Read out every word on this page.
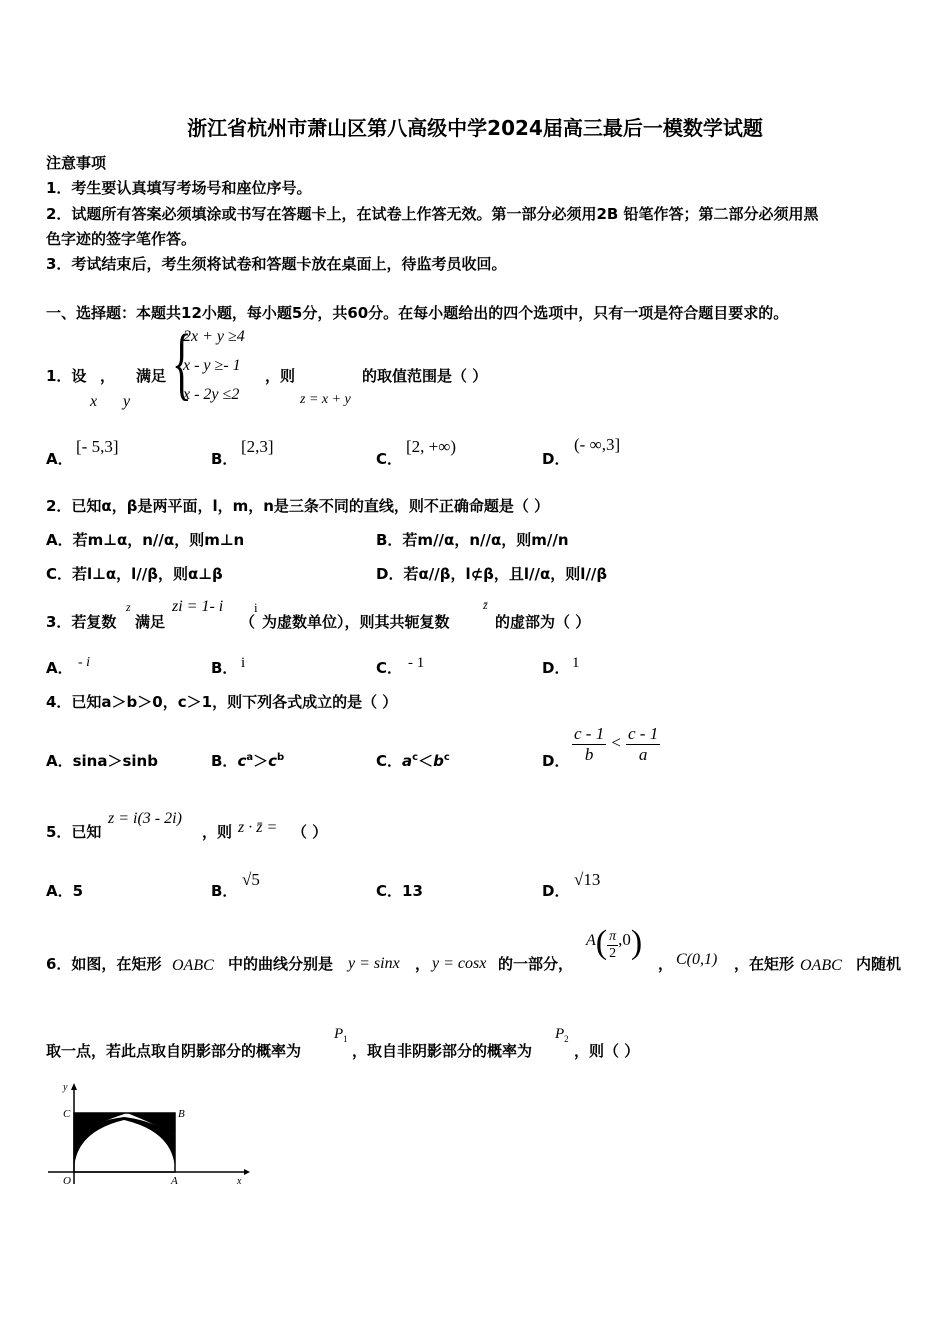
浙江省杭州市萧山区第八高级中学2024届高三最后一模数学试题
注意事项
1．考生要认真填写考场号和座位序号。
2．试题所有答案必须填涂或书写在答题卡上，在试卷上作答无效。第一部分必须用2B 铅笔作答；第二部分必须用黑
色字迹的签字笔作答。
3．考试结束后，考生须将试卷和答题卡放在桌面上，待监考员收回。
一、选择题：本题共12小题，每小题5分，共60分。在每小题给出的四个选项中，只有一项是符合题目要求的。
1．设 ， 满足
x y {
2x + y ≥4
x - y ≥- 1
x - 2y ≤2
，则
z = x + y
的取值范围是（ ）
A．
[- 5,3]
B．
[2,3]
C．
[2, +∞)
D．
(- ∞,3]
2．已知α，β是两平面，l，m，n是三条不同的直线，则不正确命题是（ ）
A．若m⊥α，n//α，则m⊥n	B．若m//α，n//α，则m//n
C．若l⊥α，l//β，则α⊥β	D．若α//β，l⊄β，且l//α，则l//β
3．若复数
z
满足
zi = 1- i
（
i
为虚数单位），则其共轭复数
z̄
的虚部为（ ）
A． - i	B． i	C． - 1	D． 1
4．已知a＞b＞0，c＞1，则下列各式成立的是（ ）
A．sina＞sinb	B．$c^a>c^b$	C．$a^c<b^c$	D． $\frac{c - 1}{b} < \frac{c - 1}{a}$
5．已知
z = i(3 - 2i)
，则 z · z̄ = （ ）
A．5	B．
√5
C．13	D．
√13
6．如图，在矩形 OABC 中的曲线分别是 y = sinx ， y = cosx 的一部分，
$A( \frac{\pi}{2} ,0)$
， C(0,1) ，在矩形 OABC 内随机
取一点，若此点取自阴影部分的概率为
$P_1$
，取自非阴影部分的概率为
$P_2$
，则（ ）
y
C	B
O	A	x
